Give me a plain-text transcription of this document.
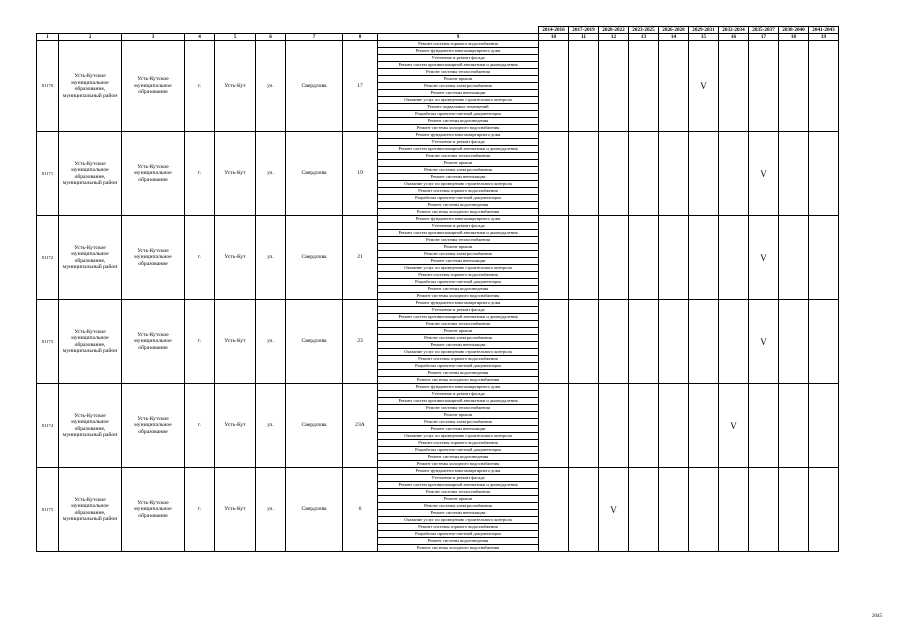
									2014-2016	2017-2019	2020-2022	2023-2025	2026-2028	2029-2031	2032-2034	2035-2037	2038-2040	2041-2043
1	2	3	4	5	6	7	8	9	10	11	12	13	14	15	16	17	18	19
81170	Усть-Кутское муниципальное образование, муниципальный район	Усть-Кутское муниципальное образование	г.	Усть-Кут	ул.	Свердлова	17	Ремонт системы горячего водоснабжения						V				
								Ремонт фундамента многоквартирного дома										
								Утепление и ремонт фасада										
								Ремонт систем противопожарной автоматики и дымоудаления										
								Ремонт системы теплоснабжения										
								Ремонт крыши										
								Ремонт системы электроснабжения										
								Ремонт системы вентиляции										
								Оказание услуг по проведению строительного контроля										
								Ремонт подвальных помещений										
								Разработка проектно-сметной документации										
								Ремонт системы водоотведения										
								Ремонт системы холодного водоснабжения										
81171	Усть-Кутское муниципальное образование, муниципальный район	Усть-Кутское муниципальное образование	г.	Усть-Кут	ул.	Свердлова	19	Ремонт фундамента многоквартирного дома								V		
								Утепление и ремонт фасада										
								Ремонт систем противопожарной автоматики и дымоудаления										
								Ремонт системы теплоснабжения										
								Ремонт крыши										
								Ремонт системы электроснабжения										
								Ремонт системы вентиляции										
								Оказание услуг по проведению строительного контроля										
								Ремонт системы горячего водоснабжения										
								Разработка проектно-сметной документации										
								Ремонт системы водоотведения										
								Ремонт системы холодного водоснабжения										
81172	Усть-Кутское муниципальное образование, муниципальный район	Усть-Кутское муниципальное образование	г.	Усть-Кут	ул.	Свердлова	21	Ремонт фундамента многоквартирного дома								V		
								Утепление и ремонт фасада										
								Ремонт систем противопожарной автоматики и дымоудаления										
								Ремонт системы теплоснабжения										
								Ремонт крыши										
								Ремонт системы электроснабжения										
								Ремонт системы вентиляции										
								Оказание услуг по проведению строительного контроля										
								Ремонт системы горячего водоснабжения										
								Разработка проектно-сметной документации										
								Ремонт системы водоотведения										
								Ремонт системы холодного водоснабжения										
81173	Усть-Кутское муниципальное образование, муниципальный район	Усть-Кутское муниципальное образование	г.	Усть-Кут	ул.	Свердлова	23	Ремонт фундамента многоквартирного дома								V		
								Утепление и ремонт фасада										
								Ремонт систем противопожарной автоматики и дымоудаления										
								Ремонт системы теплоснабжения										
								Ремонт крыши										
								Ремонт системы электроснабжения										
								Ремонт системы вентиляции										
								Оказание услуг по проведению строительного контроля										
								Ремонт системы горячего водоснабжения										
								Разработка проектно-сметной документации										
								Ремонт системы водоотведения										
								Ремонт системы холодного водоснабжения										
81174	Усть-Кутское муниципальное образование, муниципальный район	Усть-Кутское муниципальное образование	г.	Усть-Кут	ул.	Свердлова	23А	Ремонт фундамента многоквартирного дома							V			
								Утепление и ремонт фасада										
								Ремонт систем противопожарной автоматики и дымоудаления										
								Ремонт системы теплоснабжения										
								Ремонт крыши										
								Ремонт системы электроснабжения										
								Ремонт системы вентиляции										
								Оказание услуг по проведению строительного контроля										
								Ремонт системы горячего водоснабжения										
								Разработка проектно-сметной документации										
								Ремонт системы водоотведения										
								Ремонт системы холодного водоснабжения										
81175	Усть-Кутское муниципальное образование, муниципальный район	Усть-Кутское муниципальное образование	г.	Усть-Кут	ул.	Свердлова	6	Ремонт фундамента многоквартирного дома			V							
								Утепление и ремонт фасада										
								Ремонт систем противопожарной автоматики и дымоудаления										
								Ремонт системы теплоснабжения										
								Ремонт крыши										
								Ремонт системы электроснабжения										
								Ремонт системы вентиляции										
								Оказание услуг по проведению строительного контроля										
								Ремонт системы горячего водоснабжения										
								Разработка проектно-сметной документации										
								Ремонт системы водоотведения										
								Ремонт системы холодного водоснабжения										
2045
